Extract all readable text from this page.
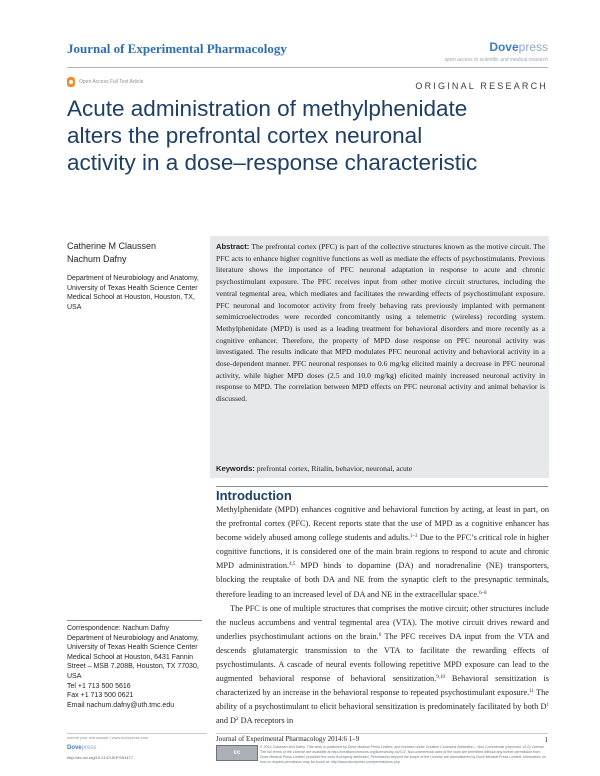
Journal of Experimental Pharmacology	Dovepress
open access to scientific and medical research
Open Access Full Text Article	ORIGINAL RESEARCH
Acute administration of methylphenidate alters the prefrontal cortex neuronal activity in a dose–response characteristic
Catherine M Claussen
Nachum Dafny
Department of Neurobiology and Anatomy, University of Texas Health Science Center Medical School at Houston, Houston, TX, USA
Abstract: The prefrontal cortex (PFC) is part of the collective structures known as the motive circuit. The PFC acts to enhance higher cognitive functions as well as mediate the effects of psychostimulants. Previous literature shows the importance of PFC neuronal adaptation in response to acute and chronic psychostimulant exposure. The PFC receives input from other motive circuit structures, including the ventral tegmental area, which mediates and facilitates the rewarding effects of psychostimulant exposure. PFC neuronal and locomotor activity from freely behaving rats previously implanted with permanent semimicroelectrodes were recorded concomitantly using a telemetric (wireless) recording system. Methylphenidate (MPD) is used as a leading treatment for behavioral disorders and more recently as a cognitive enhancer. Therefore, the property of MPD dose response on PFC neuronal activity was investigated. The results indicate that MPD modulates PFC neuronal activity and behavioral activity in a dose-dependent manner. PFC neuronal responses to 0.6 mg/kg elicited mainly a decrease in PFC neuronal activity, while higher MPD doses (2.5 and 10.0 mg/kg) elicited mainly increased neuronal activity in response to MPD. The correlation between MPD effects on PFC neuronal activity and animal behavior is discussed.
Keywords: prefrontal cortex, Ritalin, behavior, neuronal, acute
Introduction

Methylphenidate (MPD) enhances cognitive and behavioral function by acting, at least in part, on the prefrontal cortex (PFC). Recent reports state that the use of MPD as a cognitive enhancer has become widely abused among college students and adults.$^{1-3}$ Due to the PFC’s critical role in higher cognitive functions, it is considered one of the main brain regions to respond to acute and chronic MPD administration.$^{4,5}$ MPD binds to dopamine (DA) and noradrenaline (NE) transporters, blocking the reuptake of both DA and NE from the synaptic cleft to the presynaptic terminals, therefore leading to an increased level of DA and NE in the extracellular space.$^{6-8}$

The PFC is one of multiple structures that comprises the motive circuit; other structures include the nucleus accumbens and ventral tegmental area (VTA). The motive circuit drives reward and underlies psychostimulant actions on the brain.$^6$ The PFC receives DA input from the VTA and descends glutamatergic transmission to the VTA to facilitate the rewarding effects of psychostimulants. A cascade of neural events following repetitive MPD exposure can lead to the augmented behavioral response of behavioral sensitization.$^{9,10}$ Behavioral sensitization is characterized by an increase in the behavioral response to repeated psychostimulant exposure.$^{11}$ The ability of a psychostimulant to elicit behavioral sensitization is predominately facilitated by both $D^1$ and $D^2$ DA receptors in

Correspondence: Nachum Dafny
Department of Neurobiology and Anatomy, University of Texas Health Science Center Medical School at Houston, 6431 Fannin Street – MSB 7.208B, Houston, TX 77030, USA
Tel +1 713 500 5616
Fax +1 713 500 0621
Email nachum.dafny@uth.tmc.edu
submit your manuscript | www.dovepress.com
Dovepress
http://dx.doi.org/10.2147/JEP.S51477
Journal of Experimental Pharmacology 2014:6 1–9	1
cc
© 2014 Claussen and Dafny. This work is published by Dove Medical Press Limited, and licensed under Creative Commons Attribution – Non Commercial (unported, v3.0) License. The full terms of the License are available at http://creativecommons.org/licenses/by-nc/3.0/. Non-commercial uses of the work are permitted without any further permission from Dove Medical Press Limited, provided the work is properly attributed. Permissions beyond the scope of the License are administered by Dove Medical Press Limited. Information on how to request permission may be found at: http://www.dovepress.com/permissions.php
